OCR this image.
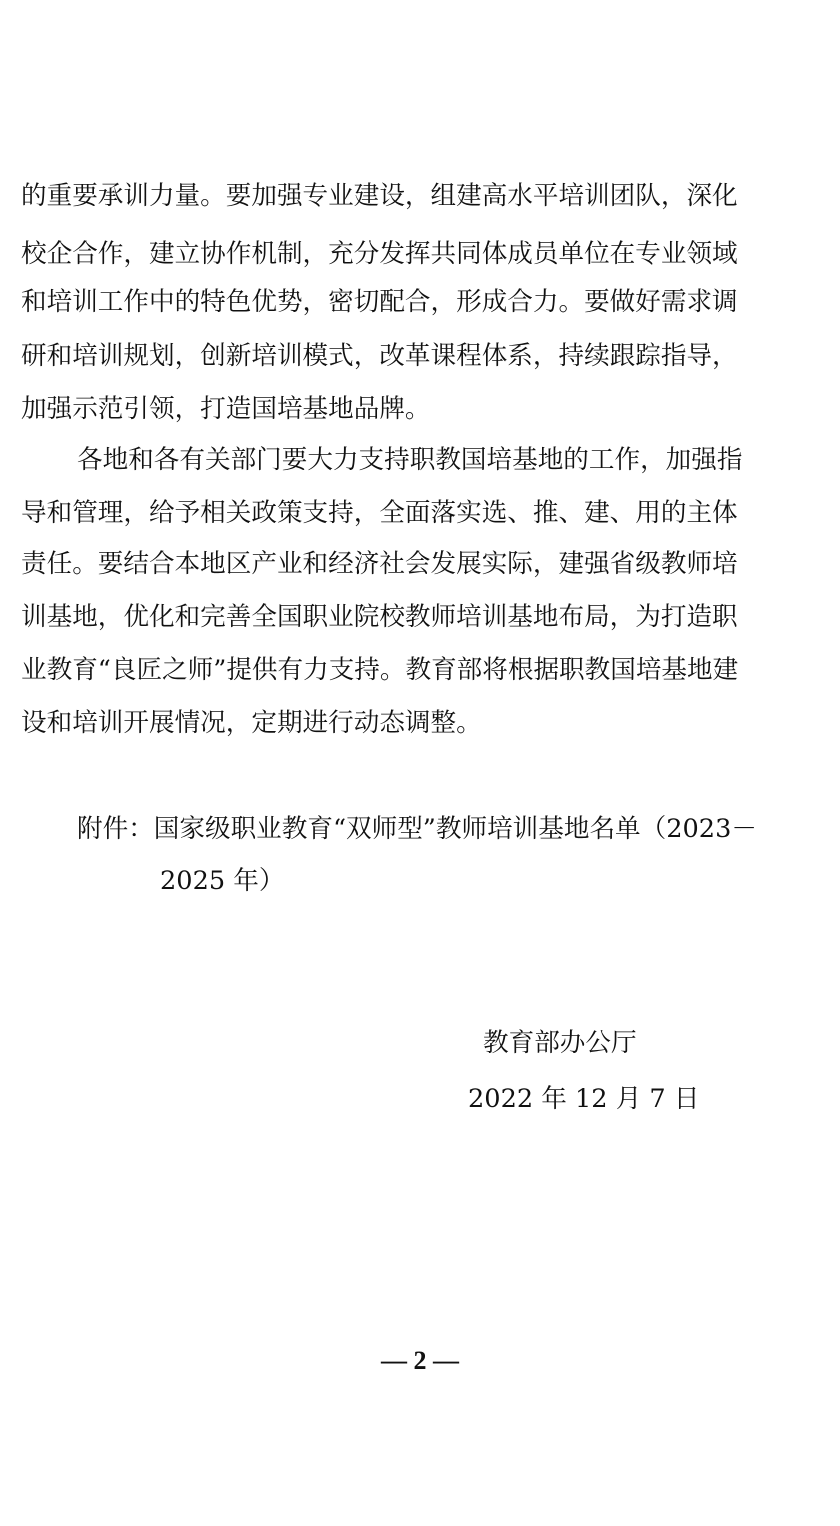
的重要承训力量。要加强专业建设，组建高水平培训团队，深化
校企合作，建立协作机制，充分发挥共同体成员单位在专业领域
和培训工作中的特色优势，密切配合，形成合力。要做好需求调
研和培训规划，创新培训模式，改革课程体系，持续跟踪指导，
加强示范引领，打造国培基地品牌。
各地和各有关部门要大力支持职教国培基地的工作，加强指
导和管理，给予相关政策支持，全面落实选、推、建、用的主体
责任。要结合本地区产业和经济社会发展实际，建强省级教师培
训基地，优化和完善全国职业院校教师培训基地布局，为打造职
业教育“良匠之师”提供有力支持。教育部将根据职教国培基地建
设和培训开展情况，定期进行动态调整。
附件：国家级职业教育“双师型”教师培训基地名单（2023－
2025 年）
教育部办公厅
2022 年 12 月 7 日
— 2 —
